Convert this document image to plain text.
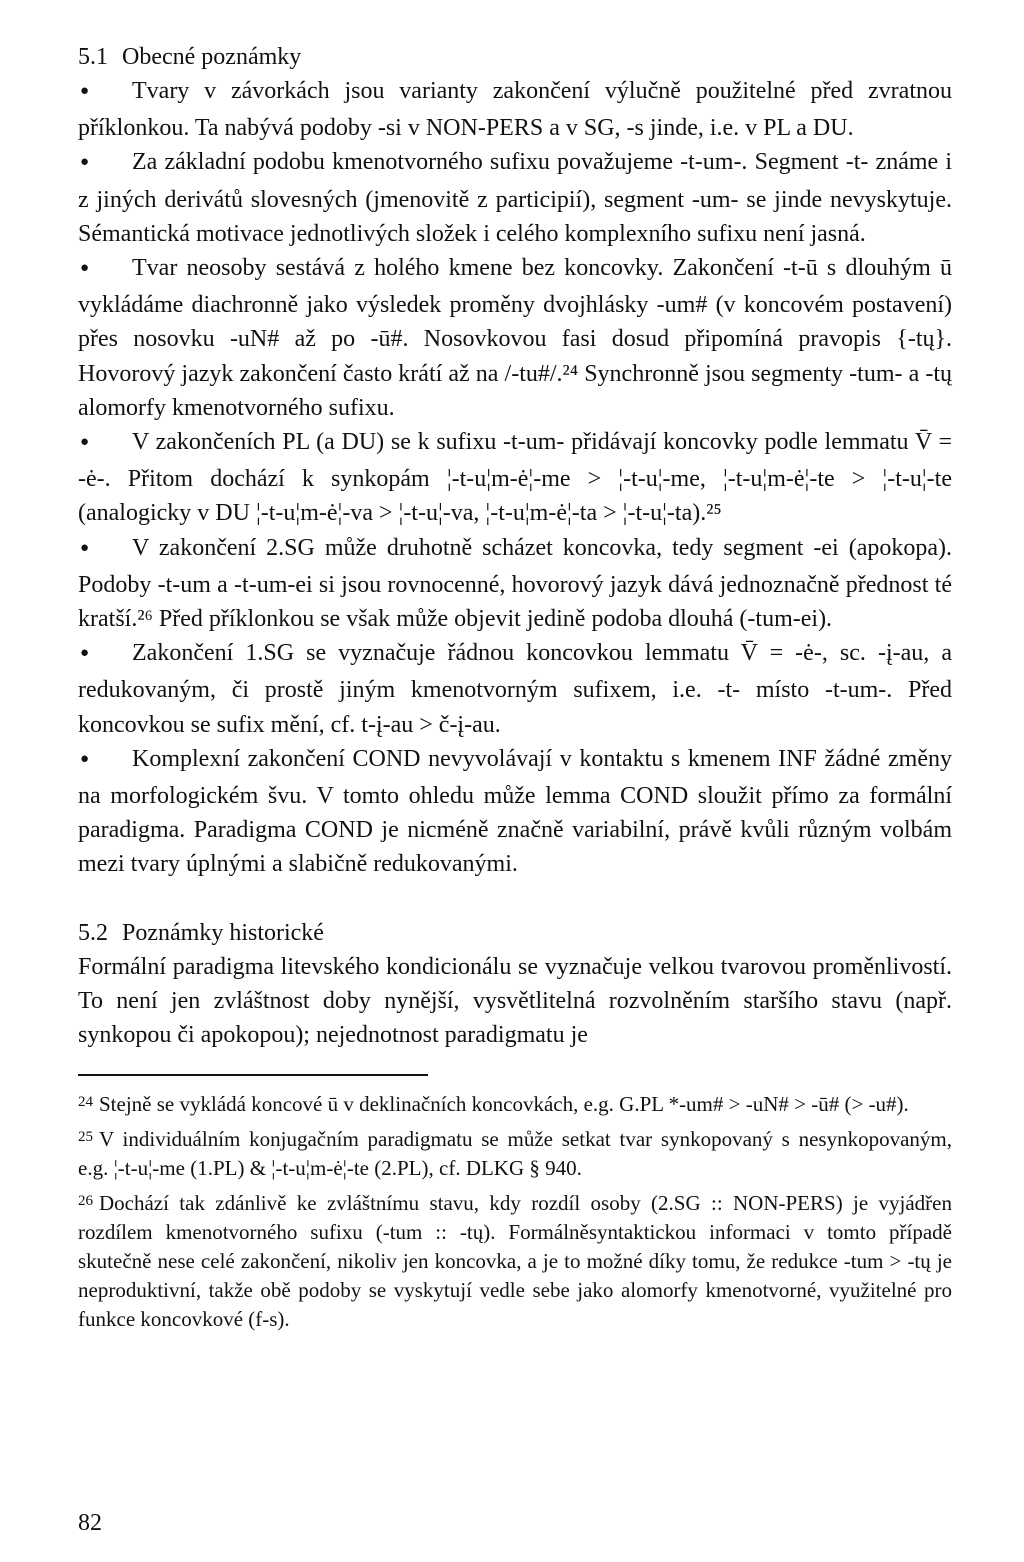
5.1 Obecné poznámky

●Tvary v závorkách jsou varianty zakončení výlučně použitelné před zvratnou příklonkou. Ta nabývá podoby -si v NON-PERS a v SG, -s jinde, i.e. v PL a DU.

●Za základní podobu kmenotvorného sufixu považujeme -t-um-. Segment -t- známe i z jiných derivátů slovesných (jmenovitě z participií), segment -um- se jinde nevyskytuje. Sémantická motivace jednotlivých složek i celého komplexního sufixu není jasná.

●Tvar neosoby sestává z holého kmene bez koncovky. Zakončení -t-ū s dlouhým ū vykládáme diachronně jako výsledek proměny dvojhlásky -um# (v koncovém postavení) přes nosovku -uN# až po -ū#. Nosovkovou fasi dosud připomíná pravopis {-tų}. Hovorový jazyk zakončení často krátí až na /-tu#/.²⁴ Synchronně jsou segmenty -tum- a -tų alomorfy kmenotvorného sufixu.

●V zakončeních PL (a DU) se k sufixu -t-um- přidávají koncovky podle lemmatu V̄ = -ė-. Přitom dochází k synkopám ¦-t-u¦m-ė¦-me > ¦-t-u¦-me, ¦-t-u¦m-ė¦-te > ¦-t-u¦-te (analogicky v DU ¦-t-u¦m-ė¦-va > ¦-t-u¦-va, ¦-t-u¦m-ė¦-ta > ¦-t-u¦-ta).²⁵

●V zakončení 2.SG může druhotně scházet koncovka, tedy segment -ei (apokopa). Podoby -t-um a -t-um-ei si jsou rovnocenné, hovorový jazyk dává jednoznačně přednost té kratší.²⁶ Před příklonkou se však může objevit jedině podoba dlouhá (-tum-ei).

●Zakončení 1.SG se vyznačuje řádnou koncovkou lemmatu V̄ = -ė-, sc. -į-au, a redukovaným, či prostě jiným kmenotvorným sufixem, i.e. -t- místo -t-um-. Před koncovkou se sufix mění, cf. t-į-au > č-į-au.

●Komplexní zakončení COND nevyvolávají v kontaktu s kmenem INF žádné změny na morfologickém švu. V tomto ohledu může lemma COND sloužit přímo za formální paradigma. Paradigma COND je nicméně značně variabilní, právě kvůli různým volbám mezi tvary úplnými a slabičně redukovanými.

5.2 Poznámky historické

Formální paradigma litevského kondicionálu se vyznačuje velkou tvarovou proměnlivostí. To není jen zvláštnost doby nynější, vysvětlitelná rozvolněním staršího stavu (např. synkopou či apokopou); nejednotnost paradigmatu je

$^{24}$ Stejně se vykládá koncové ū v deklinačních koncovkách, e.g. G.PL *-um# > -uN# > -ū# (> -u#).
$^{25}$ V individuálním konjugačním paradigmatu se může setkat tvar synkopovaný s nesynkopovaným, e.g. ¦-t-u¦-me (1.PL) & ¦-t-u¦m-ė¦-te (2.PL), cf. DLKG § 940.
$^{26}$ Dochází tak zdánlivě ke zvláštnímu stavu, kdy rozdíl osoby (2.SG :: NON-PERS) je vyjádřen rozdílem kmenotvorného sufixu (-tum :: -tų). Formálněsyntaktickou informaci v tomto případě skutečně nese celé zakončení, nikoliv jen koncovka, a je to možné díky tomu, že redukce -tum > -tų je neproduktivní, takže obě podoby se vyskytují vedle sebe jako alomorfy kmenotvorné, využitelné pro funkce koncovkové (f-s).
82
